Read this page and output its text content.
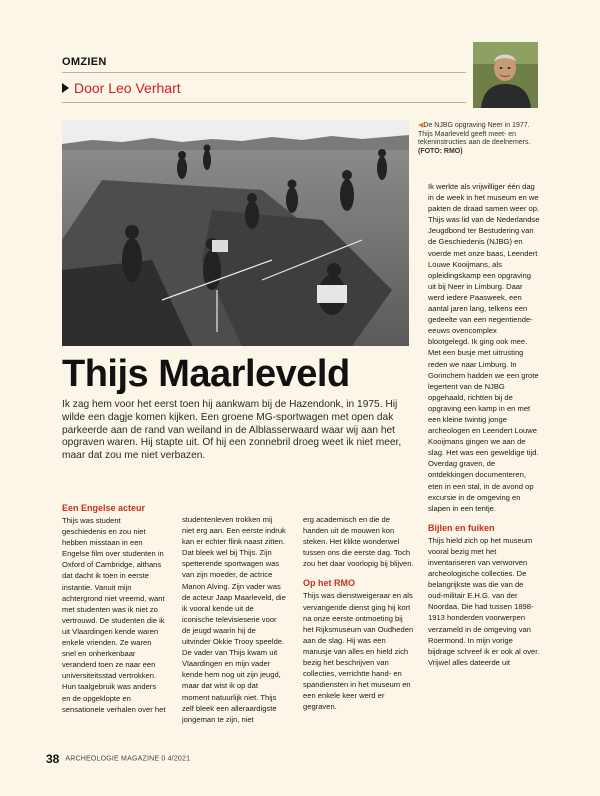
OMZIEN
Door Leo Verhart
◀De NJBG opgraving Neer in 1977. Thijs Maarleveld geeft meet- en tekeninstructies aan de deelnemers. (FOTO: RMO)
Thijs Maarleveld
Ik zag hem voor het eerst toen hij aankwam bij de Hazendonk, in 1975. Hij wilde een dagje komen kijken. Een groene MG-sportwagen met open dak parkeerde aan de rand van weiland in de Alblasserwaard waar wij aan het opgraven waren. Hij stapte uit. Of hij een zonnebril droeg weet ik niet meer, maar dat zou me niet verbazen.
Een Engelse acteur

Thijs was student geschiedenis en zou niet hebben misstaan in een Engelse film over studenten in Oxford of Cambridge, althans dat dacht ik toen in eerste instantie. Vanuit mijn achtergrond niet vreemd, want met studenten was ik niet zo vertrouwd. De studenten die ik uit Vlaardingen kende waren enkele vrienden. Ze waren snel en onherkenbaar veranderd toen ze naar een universiteitsstad vertrokken. Hun taalgebruik was anders en de opgeklopte en sensationele verhalen over het

studentenleven trokken mij niet erg aan. Een eerste indruk kan er echter flink naast zitten. Dat bleek wel bij Thijs. Zijn spetterende sportwagen was van zijn moeder, de actrice Manon Alving. Zijn vader was de acteur Jaap Maarleveld, die ik vooral kende uit de iconische televisieserie voor de jeugd waarin hij de uitvinder Okkie Trooy speelde. De vader van Thijs kwam uit Vlaardingen en mijn vader kende hem nog uit zijn jeugd, maar dat wist ik op dat moment natuurlijk niet. Thijs zelf bleek een alleraardigste jongeman te zijn, niet

erg academisch en die de handen uit de mouwen kon steken. Het klikte wonderwel tussen ons die eerste dag. Toch zou het daar voorlopig bij blijven.

Op het RMO

Thijs was dienstweigeraar en als vervangende dienst ging hij kort na onze eerste ontmoeting bij het Rijksmuseum van Oudheden aan de slag. Hij was een manusje van alles en hield zich bezig het beschrijven van collecties, verrichtte hand- en spandiensten in het museum en een enkele keer werd er gegraven.

Ik werkte als vrijwilliger één dag in de week in het museum en we pakten de draad samen weer op. Thijs was lid van de Nederlandse Jeugdbond ter Bestudering van de Geschiedenis (NJBG) en voerde met onze baas, Leendert Louwe Kooijmans, als opleidingskamp een opgraving uit bij Neer in Limburg. Daar werd iedere Paasweek, een aantal jaren lang, telkens een gedeelte van een negentiende-eeuws ovencomplex blootgelegd. Ik ging ook mee. Met een busje met uitrusting reden we naar Limburg. In Gorinchem hadden we een grote legertent van de NJBG opgehaald, richtten bij de opgraving een kamp in en met een kleine twintig jonge archeologen en Leendert Louwe Kooijmans gingen we aan de slag. Het was een geweldige tijd. Overdag graven, de ontdekkingen documenteren, eten in een stal, in de avond op excursie in de omgeving en slapen in een tentje.

Bijlen en fuiken

Thijs hield zich op het museum vooral bezig met het inventariseren van verworven archeologische collecties. De belangrijkste was die van de oud-militair E.H.G. van der Noordaa. Die had tussen 1898-1913 honderden voorwerpen verzameld in de omgeving van Roermond. In mijn vorige bijdrage schreef ik er ook al over. Vrijwel alles dateerde uit

38 ARCHEOLOGIE MAGAZINE 0 4/2021
